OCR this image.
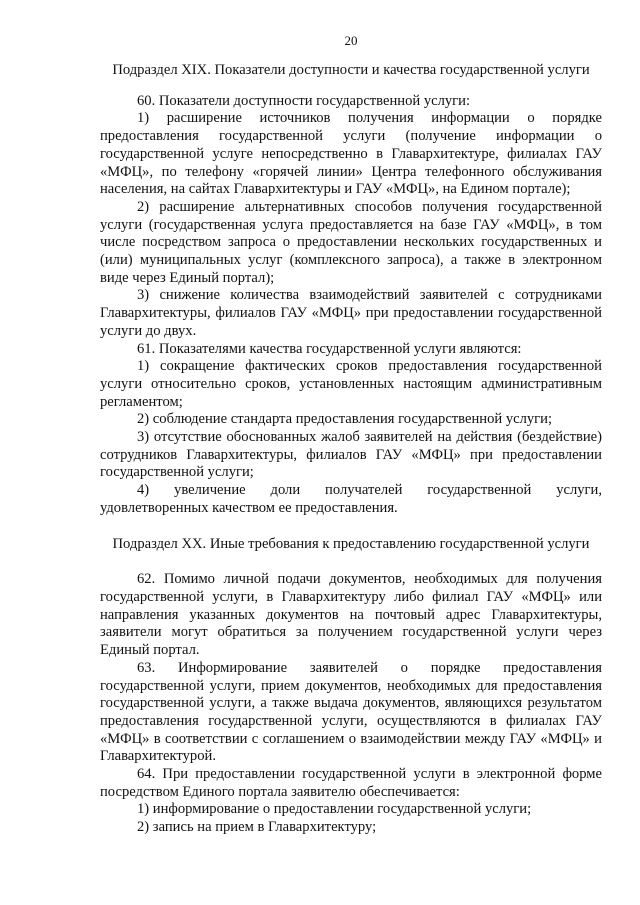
20
Подраздел XIX. Показатели доступности и качества государственной услуги

60. Показатели доступности государственной услуги:

1) расширение источников получения информации о порядке предоставления государственной услуги (получение информации о государственной услуге непосредственно в Главархитектуре, филиалах ГАУ «МФЦ», по телефону «горячей линии» Центра телефонного обслуживания населения, на сайтах Главархитектуры и ГАУ «МФЦ», на Едином портале);

2) расширение альтернативных способов получения государственной услуги (государственная услуга предоставляется на базе ГАУ «МФЦ», в том числе посредством запроса о предоставлении нескольких государственных и (или) муниципальных услуг (комплексного запроса), а также в электронном виде через Единый портал);

3) снижение количества взаимодействий заявителей с сотрудниками Главархитектуры, филиалов ГАУ «МФЦ» при предоставлении государственной услуги до двух.

61. Показателями качества государственной услуги являются:

1) сокращение фактических сроков предоставления государственной услуги относительно сроков, установленных настоящим административным регламентом;

2) соблюдение стандарта предоставления государственной услуги;

3) отсутствие обоснованных жалоб заявителей на действия (бездействие) сотрудников Главархитектуры, филиалов ГАУ «МФЦ» при предоставлении государственной услуги;

4) увеличение доли получателей государственной услуги, удовлетворенных качеством ее предоставления.

Подраздел XX. Иные требования к предоставлению государственной услуги

62. Помимо личной подачи документов, необходимых для получения государственной услуги, в Главархитектуру либо филиал ГАУ «МФЦ» или направления указанных документов на почтовый адрес Главархитектуры, заявители могут обратиться за получением государственной услуги через Единый портал.

63. Информирование заявителей о порядке предоставления государственной услуги, прием документов, необходимых для предоставления государственной услуги, а также выдача документов, являющихся результатом предоставления государственной услуги, осуществляются в филиалах ГАУ «МФЦ» в соответствии с соглашением о взаимодействии между ГАУ «МФЦ» и Главархитектурой.

64. При предоставлении государственной услуги в электронной форме посредством Единого портала заявителю обеспечивается:

1) информирование о предоставлении государственной услуги;

2) запись на прием в Главархитектуру;
